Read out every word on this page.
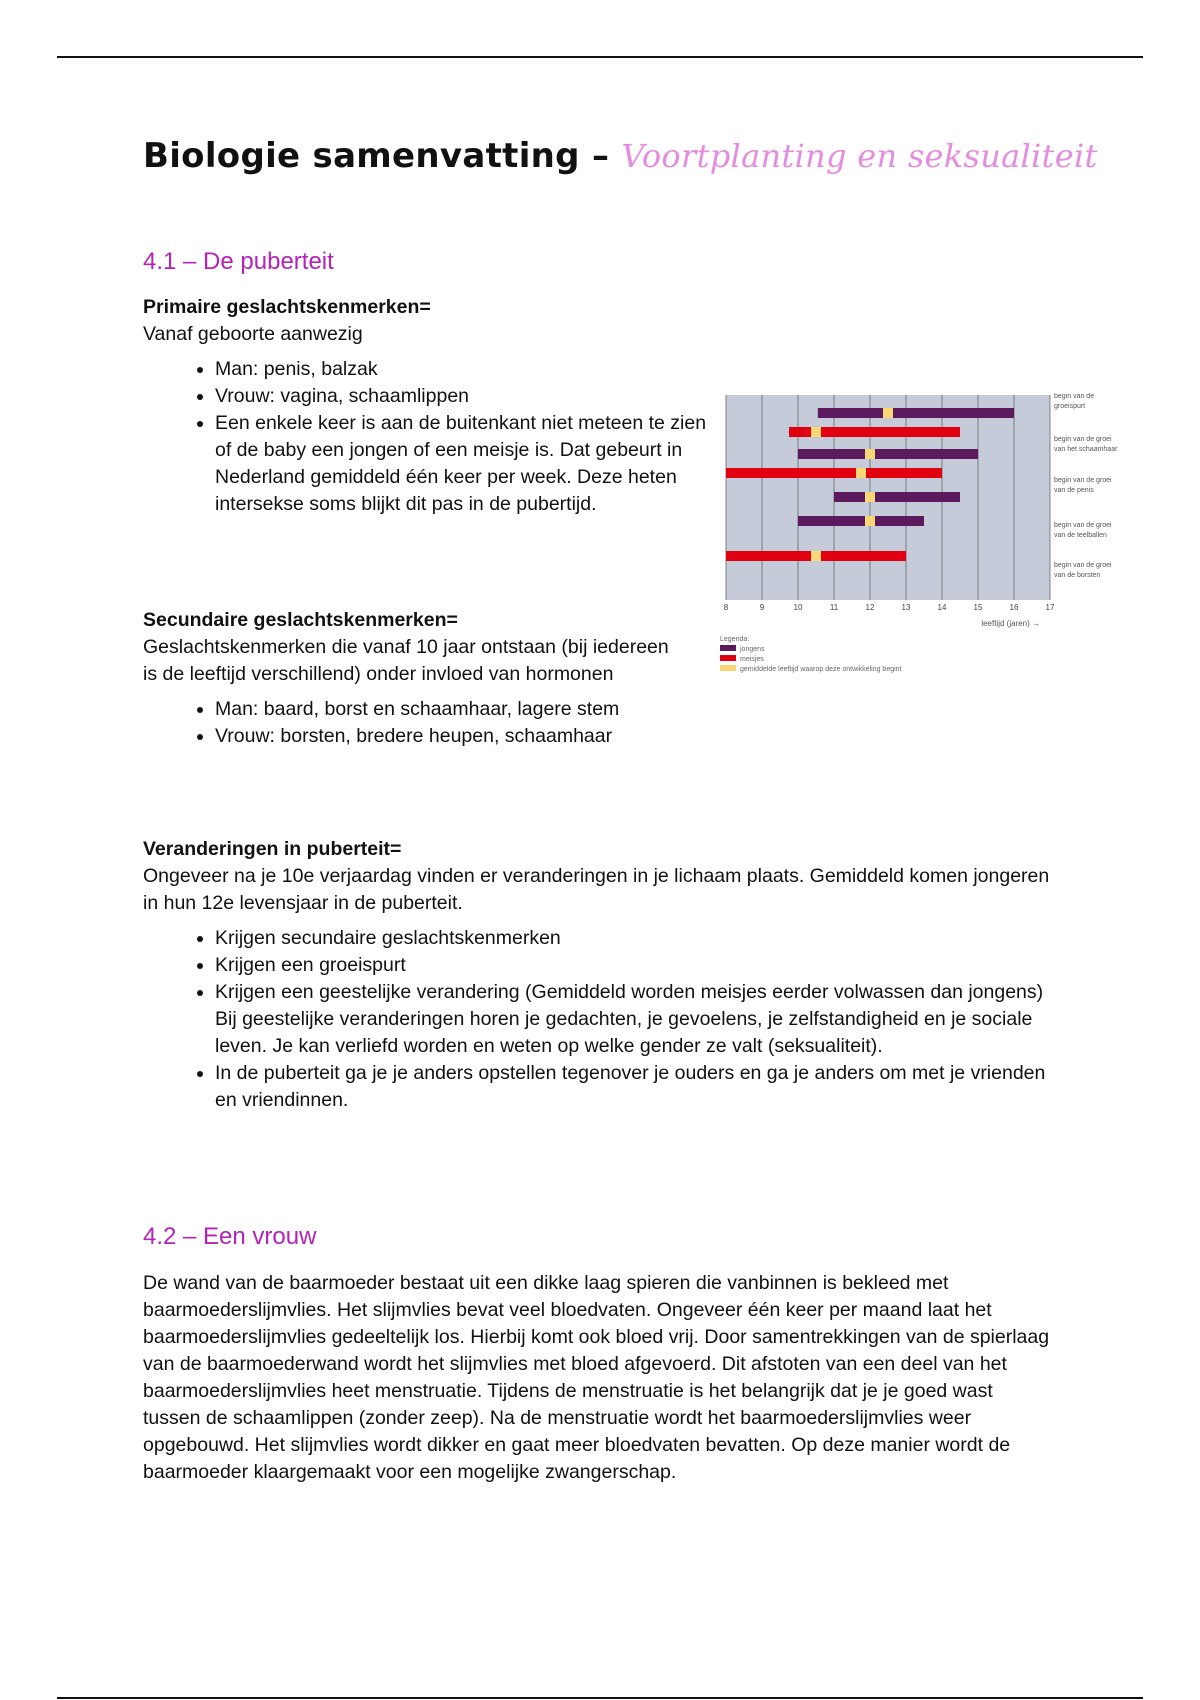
Biologie samenvatting – Voortplanting en seksualiteit
4.1 – De puberteit
Primaire geslachtskenmerken=
Vanaf geboorte aanwezig
• Man: penis, balzak
• Vrouw: vagina, schaamlippen
• Een enkele keer is aan de buitenkant niet meteen te zien of de baby een jongen of een meisje is. Dat gebeurt in Nederland gemiddeld één keer per week. Deze heten intersekse soms blijkt dit pas in de pubertijd.
Secundaire geslachtskenmerken=
Geslachtskenmerken die vanaf 10 jaar ontstaan (bij iedereen is de leeftijd verschillend) onder invloed van hormonen
• Man: baard, borst en schaamhaar, lagere stem
• Vrouw: borsten, bredere heupen, schaamhaar
Veranderingen in puberteit=
Ongeveer na je 10e verjaardag vinden er veranderingen in je lichaam plaats. Gemiddeld komen jongeren in hun 12e levensjaar in de puberteit.
• Krijgen secundaire geslachtskenmerken
• Krijgen een groeispurt
• Krijgen een geestelijke verandering (Gemiddeld worden meisjes eerder volwassen dan jongens) Bij geestelijke veranderingen horen je gedachten, je gevoelens, je zelfstandigheid en je sociale leven. Je kan verliefd worden en weten op welke gender ze valt (seksualiteit).
• In de puberteit ga je je anders opstellen tegenover je ouders en ga je anders om met je vrienden en vriendinnen.
4.2 – Een vrouw
De wand van de baarmoeder bestaat uit een dikke laag spieren die vanbinnen is bekleed met baarmoederslijmvlies. Het slijmvlies bevat veel bloedvaten. Ongeveer één keer per maand laat het baarmoederslijmvlies gedeeltelijk los. Hierbij komt ook bloed vrij. Door samentrekkingen van de spierlaag van de baarmoederwand wordt het slijmvlies met bloed afgevoerd. Dit afstoten van een deel van het baarmoederslijmvlies heet menstruatie. Tijdens de menstruatie is het belangrijk dat je je goed wast tussen de schaamlippen (zonder zeep). Na de menstruatie wordt het baarmoederslijmvlies weer opgebouwd. Het slijmvlies wordt dikker en gaat meer bloedvaten bevatten. Op deze manier wordt de baarmoeder klaargemaakt voor een mogelijke zwangerschap.
8	9	10	11	12	13	14	15	16	17
begin van de
groeispurt
begin van de groei
van het schaamhaar
begin van de groei
van de penis
begin van de groei
van de teelballen
begin van de groei
van de borsten
leeftijd (jaren) →
Legenda:
jongens
meisjes
gemiddelde leeftijd waarop deze ontwikkeling begint
